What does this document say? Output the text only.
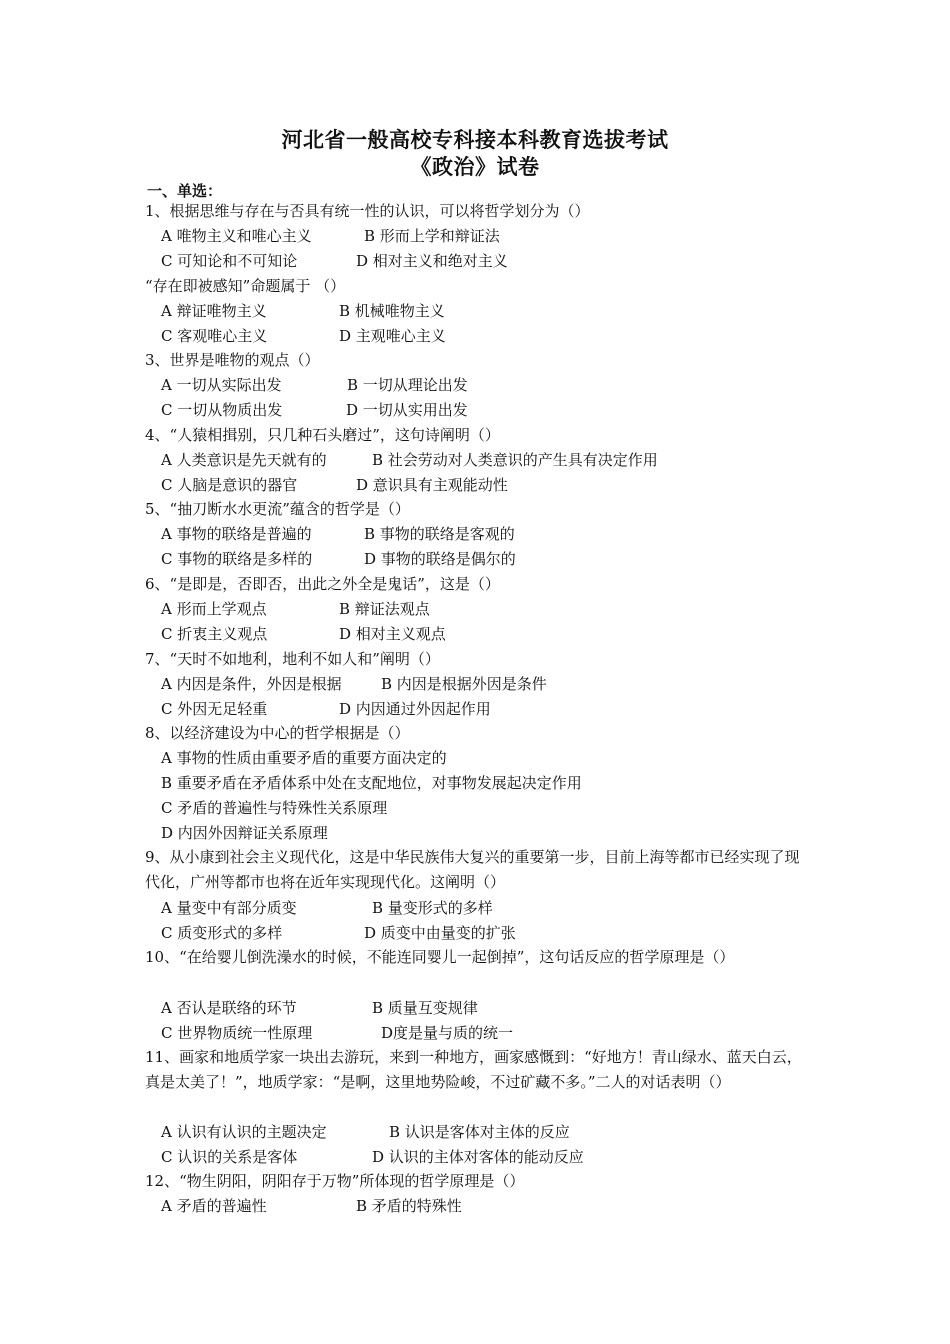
河北省一般高校专科接本科教育选拔考试
《政治》试卷
一、单选：
1、根据思维与存在与否具有统一性的认识，可以将哲学划分为（）
A 唯物主义和唯心主义	B 形而上学和辩证法
C 可知论和不可知论	D 相对主义和绝对主义
“存在即被感知”命题属于 （）
A 辩证唯物主义	B 机械唯物主义
C 客观唯心主义	D 主观唯心主义
3、世界是唯物的观点（）
A 一切从实际出发	B 一切从理论出发
C 一切从物质出发	D 一切从实用出发
4、“人猿相揖别，只几种石头磨过”，这句诗阐明（）
A 人类意识是先天就有的	B 社会劳动对人类意识的产生具有决定作用
C 人脑是意识的器官	D 意识具有主观能动性
5、“抽刀断水水更流”蕴含的哲学是（）
A 事物的联络是普遍的	B 事物的联络是客观的
C 事物的联络是多样的	D 事物的联络是偶尔的
6、“是即是，否即否，出此之外全是鬼话”，这是（）
A 形而上学观点	B 辩证法观点
C 折衷主义观点	D 相对主义观点
7、“天时不如地利，地利不如人和”阐明（）
A 内因是条件，外因是根据	B 内因是根据外因是条件
C 外因无足轻重	D 内因通过外因起作用
8、以经济建设为中心的哲学根据是（）
A 事物的性质由重要矛盾的重要方面决定的
B 重要矛盾在矛盾体系中处在支配地位，对事物发展起决定作用
C 矛盾的普遍性与特殊性关系原理
D 内因外因辩证关系原理
9、从小康到社会主义现代化，这是中华民族伟大复兴的重要第一步，目前上海等都市已经实现了现代化，广州等都市也将在近年实现现代化。这阐明（）
A 量变中有部分质变	B 量变形式的多样
C 质变形式的多样	D 质变中由量变的扩张
10、“在给婴儿倒洗澡水的时候，不能连同婴儿一起倒掉”，这句话反应的哲学原理是（）
A 否认是联络的环节	B 质量互变规律
C 世界物质统一性原理	D度是量与质的统一
11、画家和地质学家一块出去游玩，来到一种地方，画家感慨到：“好地方！青山绿水、蓝天白云，真是太美了！”，地质学家：“是啊，这里地势险峻，不过矿藏不多。”二人的对话表明（）
A 认识有认识的主题决定	B 认识是客体对主体的反应
C 认识的关系是客体	D 认识的主体对客体的能动反应
12、“物生阴阳，阴阳存于万物”所体现的哲学原理是（）
A 矛盾的普遍性	B 矛盾的特殊性
